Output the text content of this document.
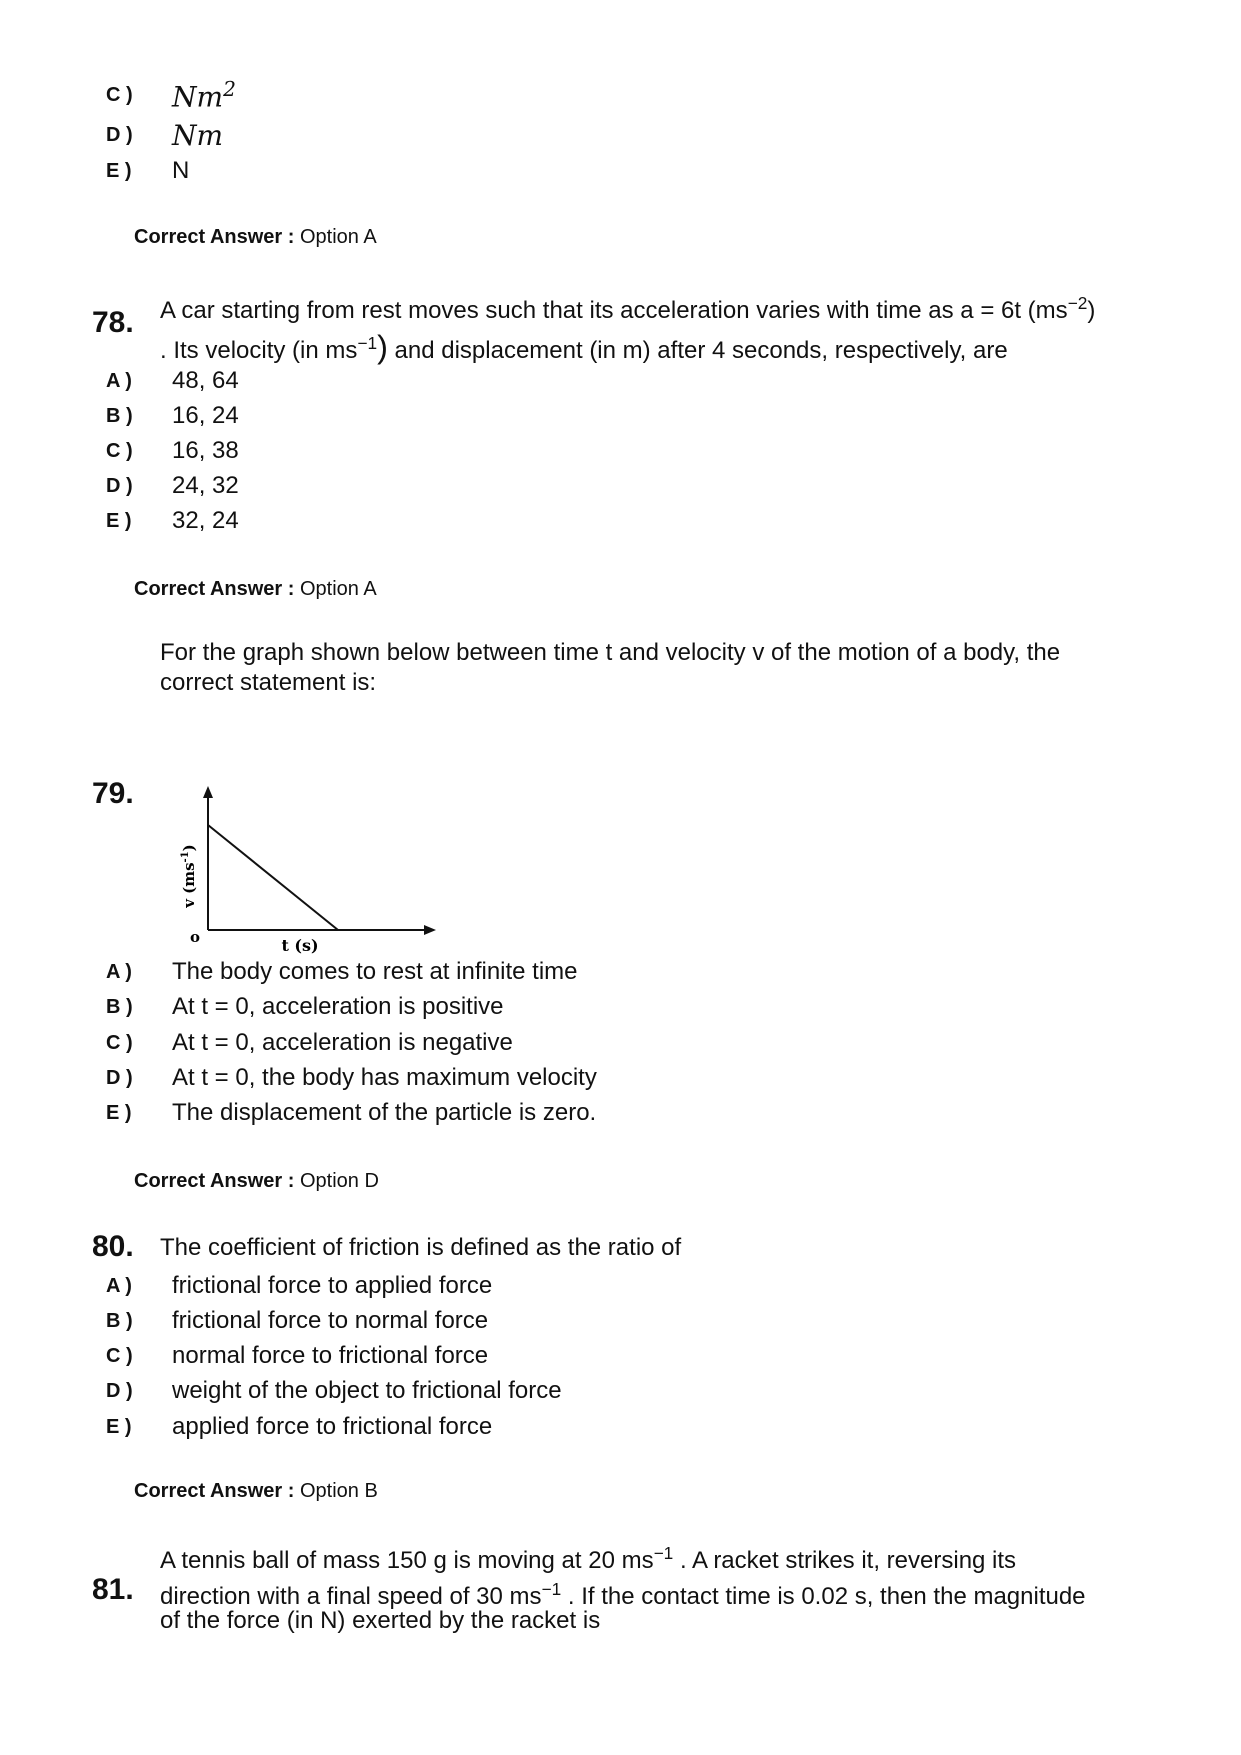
C )	Nm$^2$
D )	Nm
E )	N
Correct Answer : Option A
78. A car starting from rest moves such that its acceleration varies with time as a = 6t $(ms^{-2})$
. Its velocity (in $ms^{-1}$) and displacement (in m) after 4 seconds, respectively, are
A )	48, 64
B )	16, 24
C )	16, 38
D )	24, 32
E )	32, 24
Correct Answer : Option A
For the graph shown below between time t and velocity v of the motion of a body, the correct statement is:
79.
v $(ms^{-1})$
o	t (s)
A )	The body comes to rest at infinite time
B )	At t = 0, acceleration is positive
C )	At t = 0, acceleration is negative
D )	At t = 0, the body has maximum velocity
E )	The displacement of the particle is zero.
Correct Answer : Option D
80. The coefficient of friction is defined as the ratio of
A )	frictional force to applied force
B )	frictional force to normal force
C )	normal force to frictional force
D )	weight of the object to frictional force
E )	applied force to frictional force
Correct Answer : Option B
81.
A tennis ball of mass 150 g is moving at 20 $ms^{-1}$ . A racket strikes it, reversing its
direction with a final speed of 30 $ms^{-1}$ . If the contact time is 0.02 s, then the magnitude
of the force (in N) exerted by the racket is
